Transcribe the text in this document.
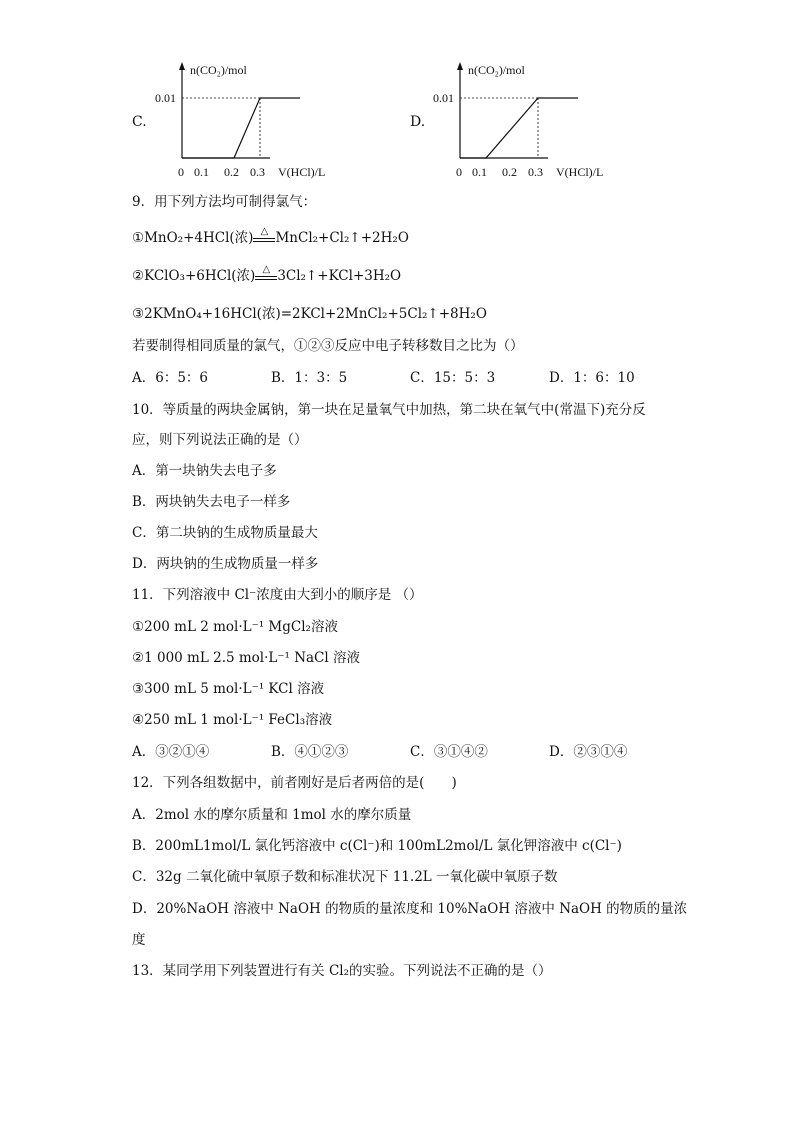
C.
n(CO₂)/mol
0.01
0 0.1 0.2 0.3 V(HCl)/L
D.
n(CO₂)/mol
0.01
0 0.1 0.2 0.3 V(HCl)/L
9．用下列方法均可制得氯气：
①MnO₂+4HCl(浓) △ MnCl₂+Cl₂↑+2H₂O
②KClO₃+6HCl(浓) △ 3Cl₂↑+KCl+3H₂O
③2KMnO₄+16HCl(浓)=2KCl+2MnCl₂+5Cl₂↑+8H₂O
若要制得相同质量的氯气，①②③反应中电子转移数目之比为（）
A．6：5：6	B．1：3：5	C．15：5：3	D．1：6：10
10．等质量的两块金属钠，第一块在足量氧气中加热，第二块在氧气中(常温下)充分反
应，则下列说法正确的是（）
A．第一块钠失去电子多
B．两块钠失去电子一样多
C．第二块钠的生成物质量最大
D．两块钠的生成物质量一样多
11．下列溶液中 Cl⁻浓度由大到小的顺序是 （）
①200 mL 2 mol·L⁻¹ MgCl₂溶液
②1 000 mL 2.5 mol·L⁻¹ NaCl 溶液
③300 mL 5 mol·L⁻¹ KCl 溶液
④250 mL 1 mol·L⁻¹ FeCl₃溶液
A．③②①④	B．④①②③	C．③①④②	D．②③①④
12．下列各组数据中，前者刚好是后者两倍的是(　　)
A．2mol 水的摩尔质量和 1mol 水的摩尔质量
B．200mL1mol/L 氯化钙溶液中 c(Cl⁻)和 100mL2mol/L 氯化钾溶液中 c(Cl⁻)
C．32g 二氧化硫中氧原子数和标准状况下 11.2L 一氧化碳中氧原子数
D．20%NaOH 溶液中 NaOH 的物质的量浓度和 10%NaOH 溶液中 NaOH 的物质的量浓
度
13．某同学用下列装置进行有关 Cl₂的实验。下列说法不正确的是（）
